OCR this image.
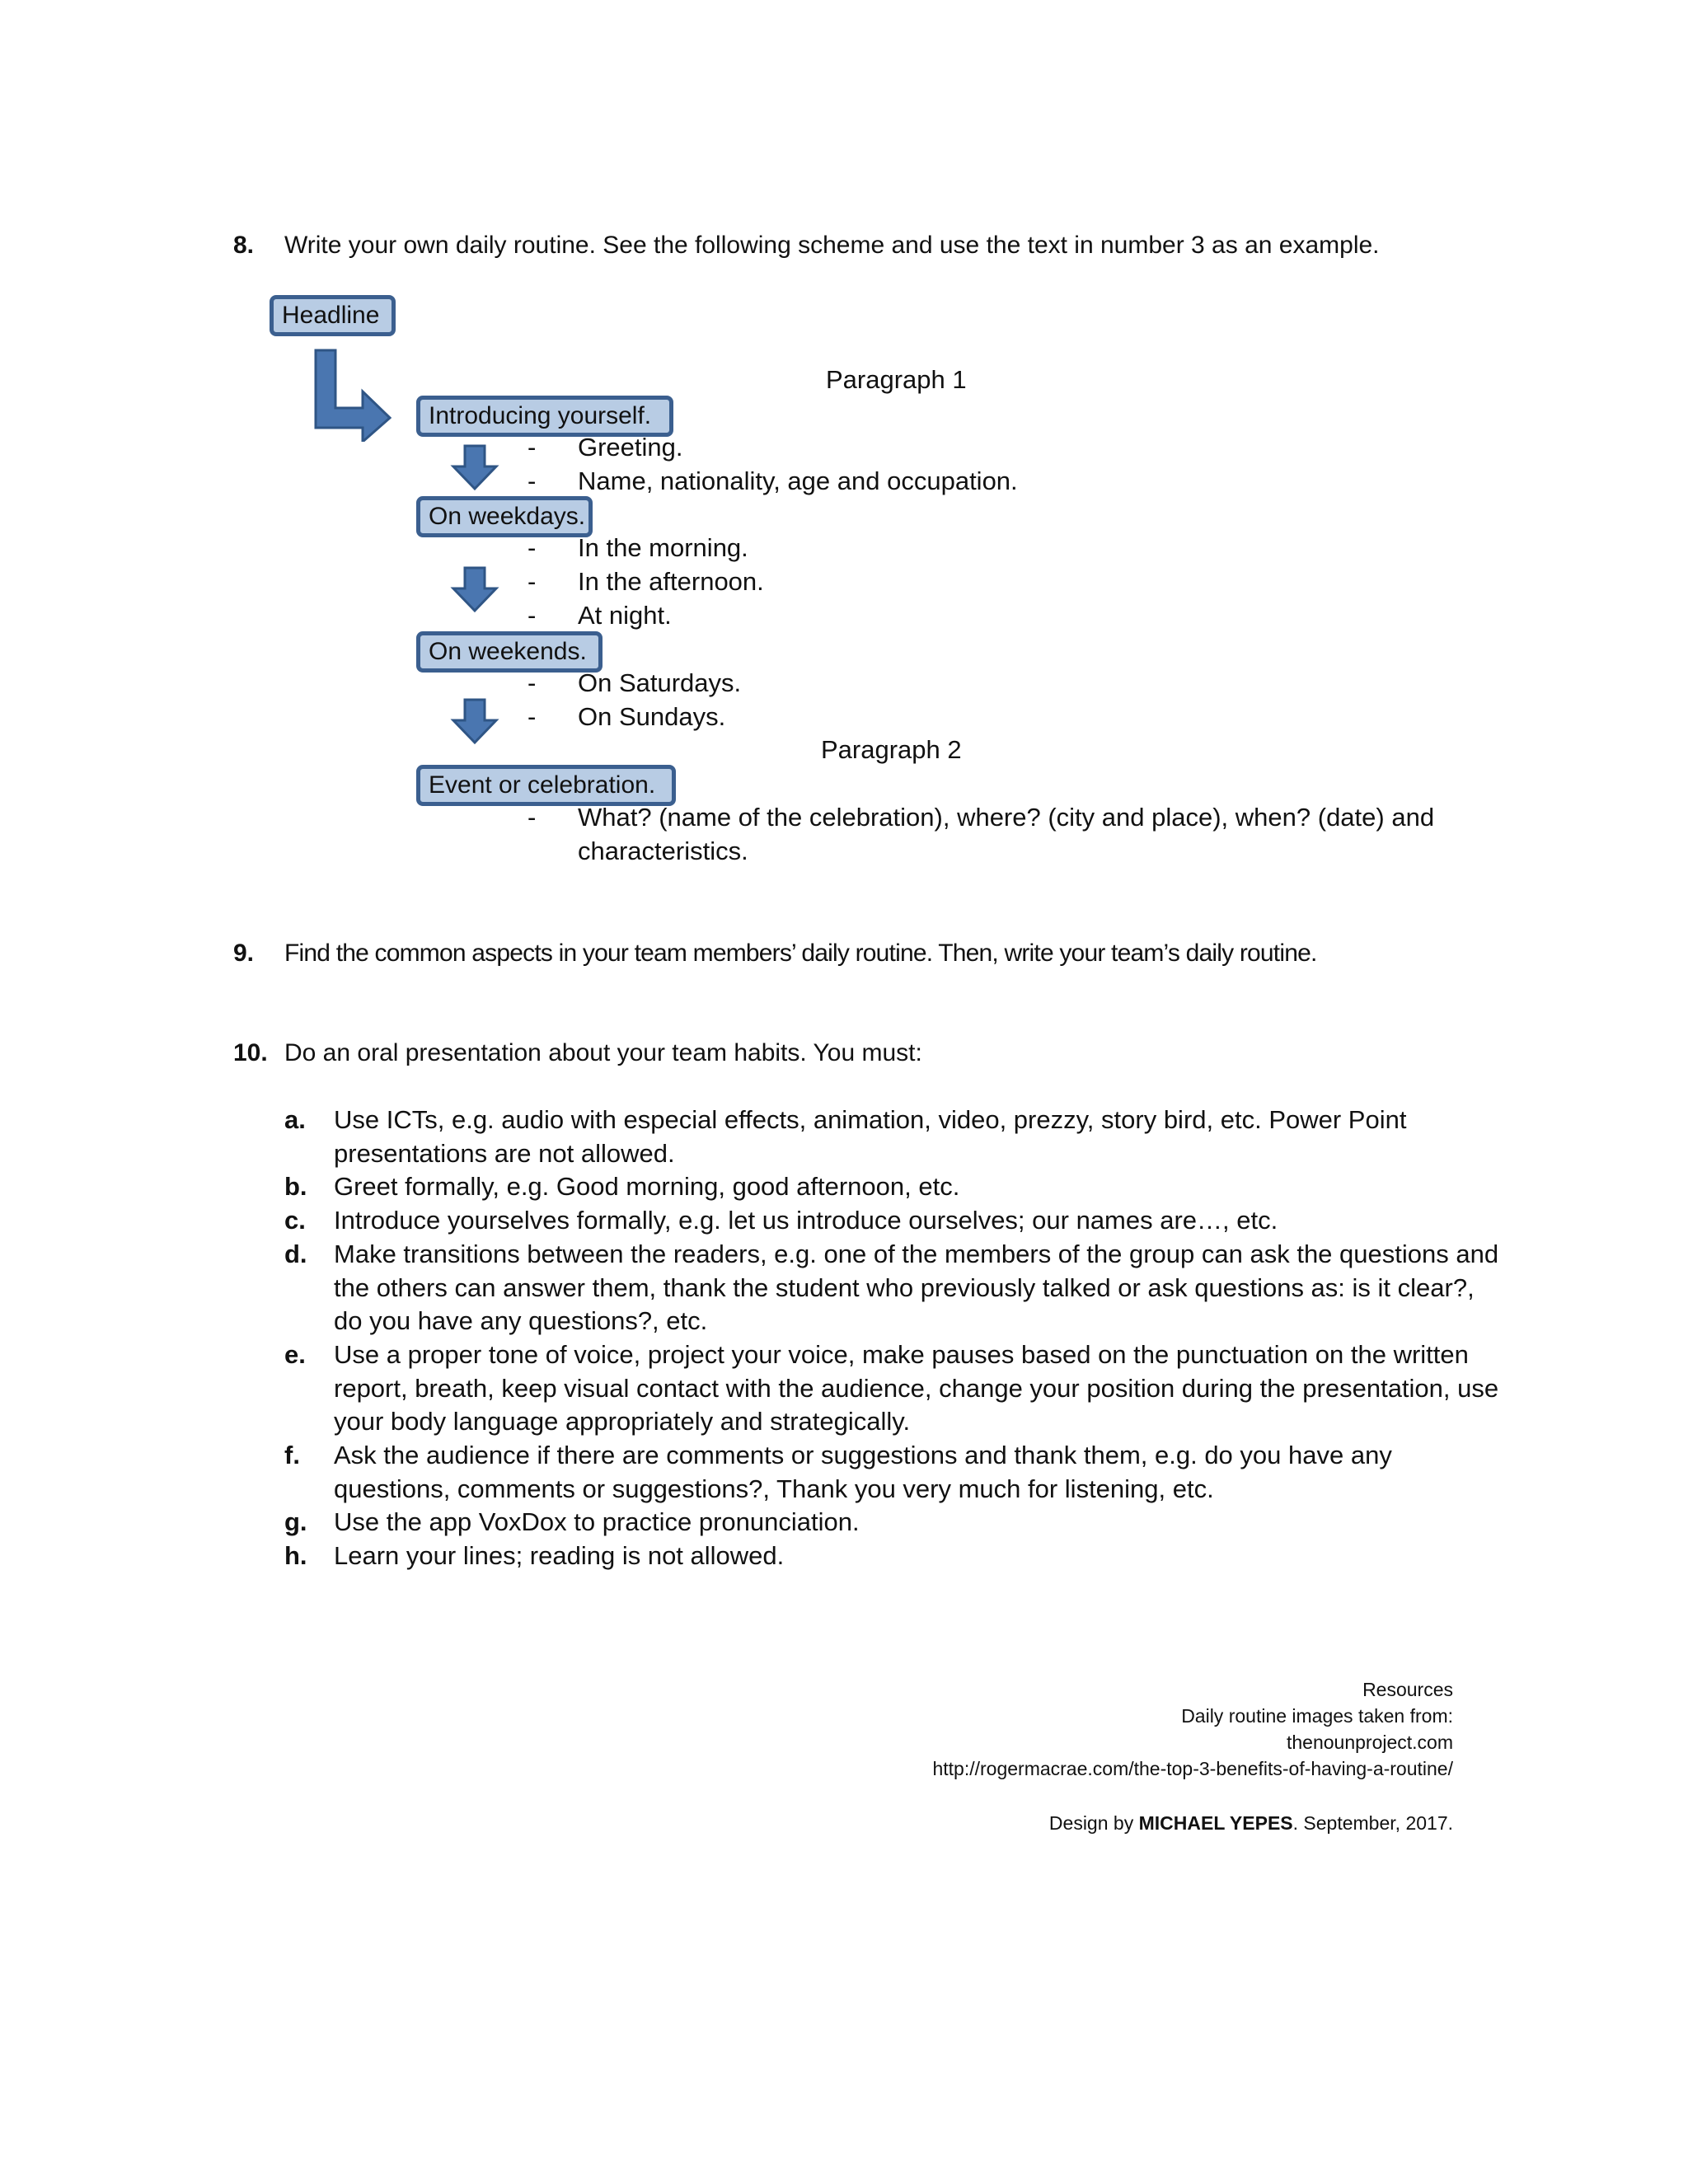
8. Write your own daily routine. See the following scheme and use the text in number 3 as an example.
Headline
Paragraph 1
Introducing yourself.
- Greeting.
- Name, nationality, age and occupation.
On weekdays.
- In the morning.
- In the afternoon.
- At night.
On weekends.
- On Saturdays.
- On Sundays.
Paragraph 2
Event or celebration.
- What? (name of the celebration), where? (city and place), when? (date) and
characteristics.
9. Find the common aspects in your team members’ daily routine. Then, write your team’s daily routine.
10. Do an oral presentation about your team habits. You must:
a. Use ICTs, e.g. audio with especial effects, animation, video, prezzy, story bird, etc. Power Point presentations are not allowed.
b. Greet formally, e.g. Good morning, good afternoon, etc.
c. Introduce yourselves formally, e.g. let us introduce ourselves; our names are…, etc.
d. Make transitions between the readers, e.g. one of the members of the group can ask the questions and the others can answer them, thank the student who previously talked or ask questions as: is it clear?, do you have any questions?, etc.
e. Use a proper tone of voice, project your voice, make pauses based on the punctuation on the written report, breath, keep visual contact with the audience, change your position during the presentation, use your body language appropriately and strategically.
f. Ask the audience if there are comments or suggestions and thank them, e.g. do you have any questions, comments or suggestions?, Thank you very much for listening, etc.
g. Use the app VoxDox to practice pronunciation.
h. Learn your lines; reading is not allowed.
Resources
Daily routine images taken from:
thenounproject.com
http://rogermacrae.com/the-top-3-benefits-of-having-a-routine/
Design by MICHAEL YEPES. September, 2017.
